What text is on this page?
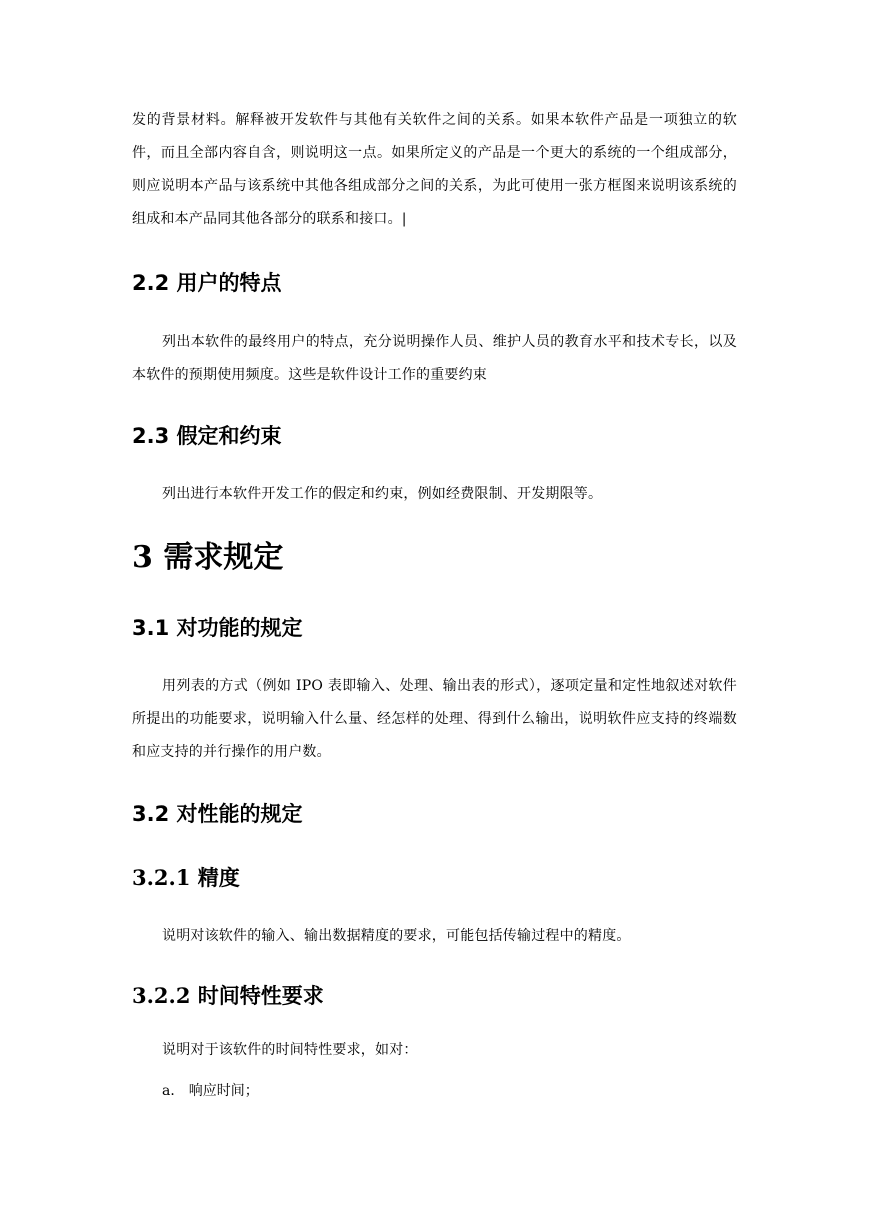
发的背景材料。解释被开发软件与其他有关软件之间的关系。如果本软件产品是一项独立的软件，而且全部内容自含，则说明这一点。如果所定义的产品是一个更大的系统的一个组成部分，则应说明本产品与该系统中其他各组成部分之间的关系，为此可使用一张方框图来说明该系统的组成和本产品同其他各部分的联系和接口。|

2.2 用户的特点

列出本软件的最终用户的特点，充分说明操作人员、维护人员的教育水平和技术专长，以及本软件的预期使用频度。这些是软件设计工作的重要约束

2.3 假定和约束

列出进行本软件开发工作的假定和约束，例如经费限制、开发期限等。

3 需求规定
3.1 对功能的规定

用列表的方式（例如 IPO 表即输入、处理、输出表的形式），逐项定量和定性地叙述对软件所提出的功能要求，说明输入什么量、经怎样的处理、得到什么输出，说明软件应支持的终端数和应支持的并行操作的用户数。

3.2 对性能的规定
3.2.1 精度

说明对该软件的输入、输出数据精度的要求，可能包括传输过程中的精度。

3.2.2 时间特性要求

说明对于该软件的时间特性要求，如对：

a． 响应时间；
